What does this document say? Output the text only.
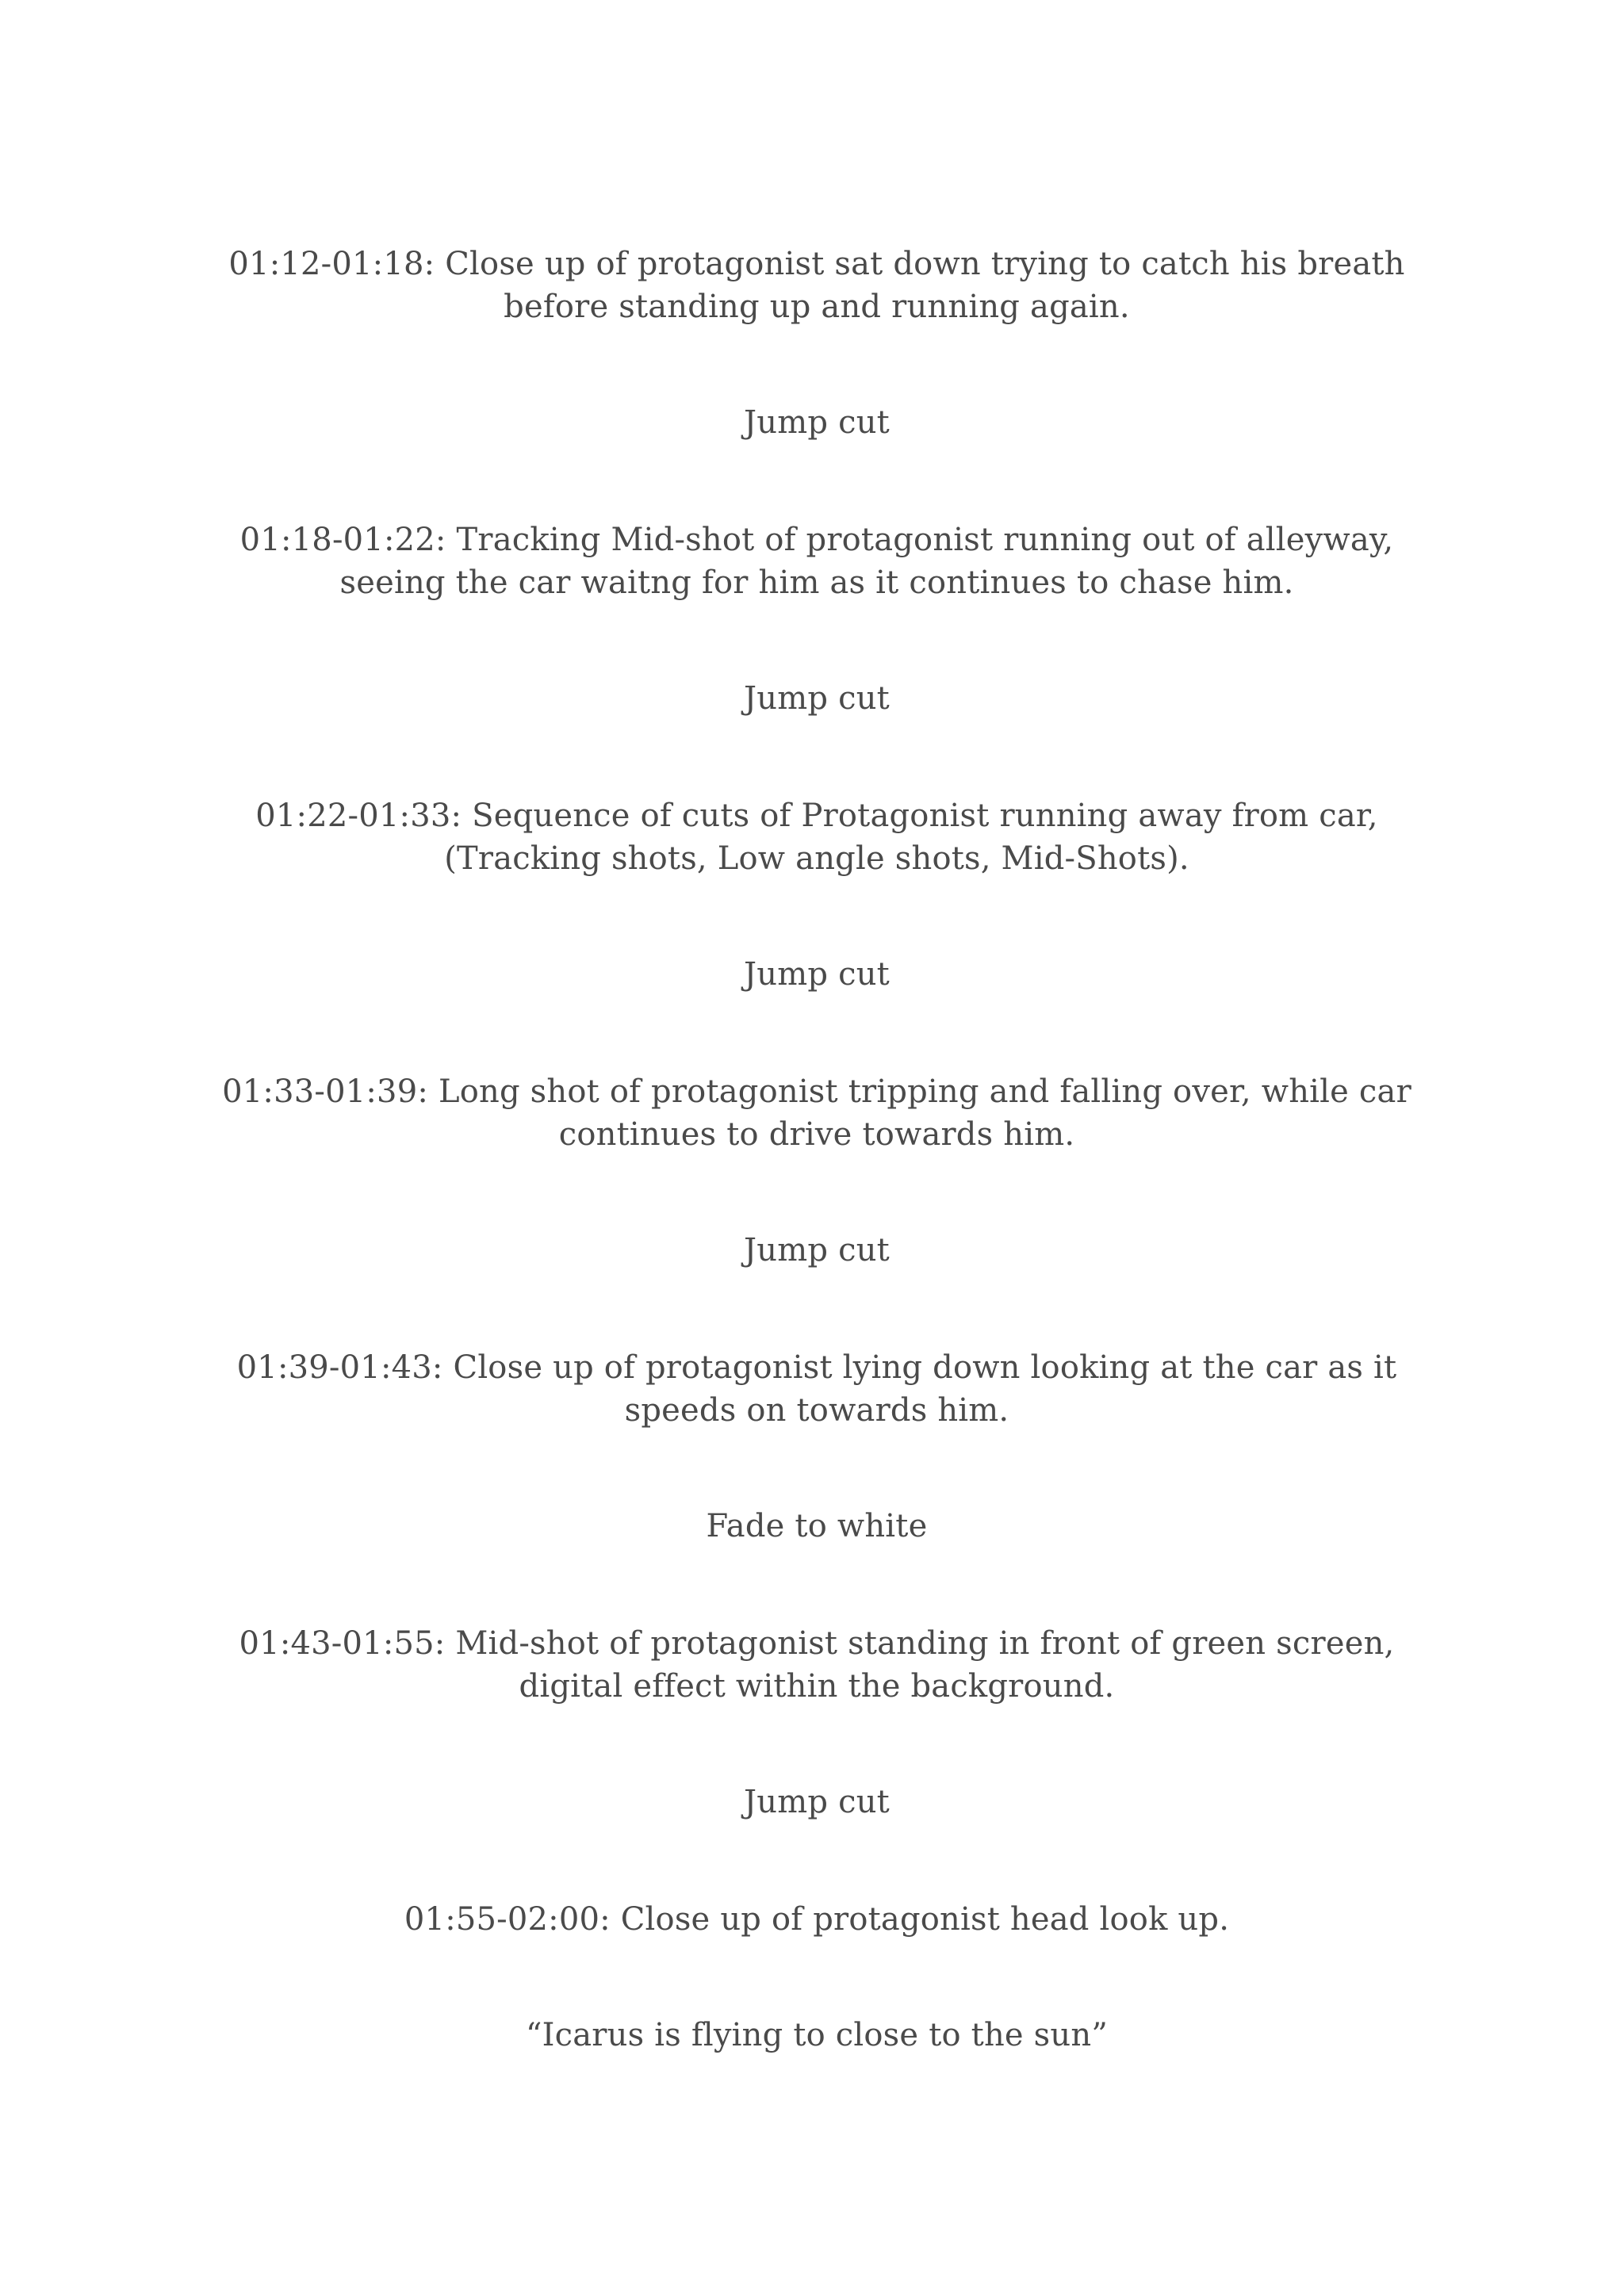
01:12-01:18: Close up of protagonist sat down trying to catch his breath
before standing up and running again.
Jump cut
01:18-01:22: Tracking Mid-shot of protagonist running out of alleyway,
seeing the car waitng for him as it continues to chase him.
Jump cut
01:22-01:33: Sequence of cuts of Protagonist running away from car,
(Tracking shots, Low angle shots, Mid-Shots).
Jump cut
01:33-01:39: Long shot of protagonist tripping and falling over, while car
continues to drive towards him.
Jump cut
01:39-01:43: Close up of protagonist lying down looking at the car as it
speeds on towards him.
Fade to white
01:43-01:55: Mid-shot of protagonist standing in front of green screen,
digital effect within the background.
Jump cut
01:55-02:00: Close up of protagonist head look up.
“Icarus is flying to close to the sun”
